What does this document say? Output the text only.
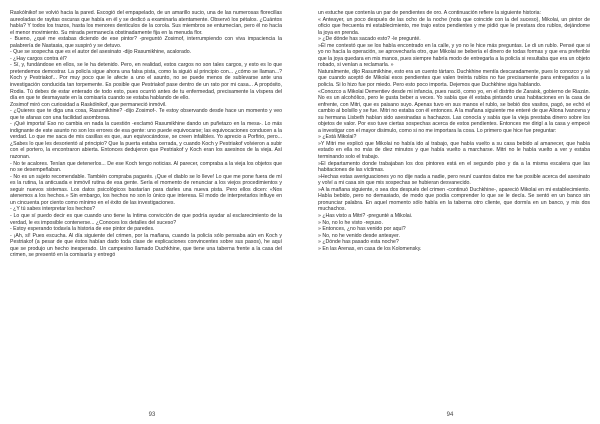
Raskólnikof se volvió hacia la pared. Escogió del empapelado, de un amarillo sucio, una de las numerosas florecillas aureoladas de rayitas oscuras que había en él y se dedicó a examinarla atentamente. Observó los pétalos. ¿Cuántos había? Y todos los trazos, hasta los menores denticulos de la corola. Sus miembros se entumecían, pero él no hacía el menor movimiento. Su mirada permanecía obstinadamente fija en la menuda flor.

- Bueno, ¿qué me estabas diciendo de ese pintor? -preguntó Zosimof, interrumpiendo con viva impaciencia la palabrería de Nastasia, que suspiró y se detuvo.

- Que se sospecha que es el autor del asesinato -dijo Rasumikhine, acalorado.

- ¿Hay cargos contra él?

- Sí, y, fundándose en ellos, se le ha detenido. Pero, en realidad, estos cargos no son tales cargos, y esto es lo que pretendemos demostrar. La policía sigue ahora una falsa pista, como la siguió al principio con... ¿cómo se llaman...? Koch y Pestriakof... Por muy poco que le afecte a uno el asunto, no se puede menos de sublevarse ante una investigación conducida tan torpemente. Es posible que Pestriakof pase dentro de un rato por mi casa... A propósito, Rodia. Tú debes de estar enterado de todo esto, pues ocurrió antes de tu enfermedad, precisamente la víspera del día en que te desmayaste en la comisaría cuando se estaba hablando de ello.

Zosimof miró con curiosidad a Raskólnikof, que permaneció inmóvil.

- ¿Quieres que te diga una cosa, Rasumikhine? -dijo Zosimof-. Te estoy observando desde hace un momento y veo que te afanas con una facilidad asombrosa.

- ¡Qué importa! Eso no cambia en nada la cuestión -exclamó Rasumikhine dando un puñetazo en la mesa-. Lo más indignante de este asunto no son los errores de esa gente: uno puede equivocarse; las equivocaciones conducen a la verdad. Lo que me saca de mis casillas es que, aun equivocándose, se creen infalibles. Yo aprecio a Porfirio, pero... ¿Sabes lo que les desorientó al principio? Que la puerta estaba cerrada, y cuando Koch y Pestriakof volvieron a subir con el portero, la encontraron abierta. Entonces dedujeron que Pestriakof y Koch eran los asesinos de la vieja. Así razonan.

- No te acalores. Tenían que detenerlos... De ese Koch tengo noticias. Al parecer, compraba a la vieja los objetos que no se desempeñaban.

- No es un sujeto recomendable. También compraba pagarés. ¡Que el diablo se lo lleve! Lo que me pone fuera de mí es la rutina, la anticuada e inmóvil rutina de esa gente. Sería el momento de renunciar a los viejos procedimientos y seguir nuevos sistemas. Los datos psicológicos bastarían para darles una nueva pista. Pero ellos dicen: «Nos atenemos a los hechos.» Sin embargo, los hechos no son lo único que interesa. El modo de interpretarlos influye en un cincuenta por ciento como mínimo en el éxito de las investigaciones.

- ¿Y tú sabes interpretar los hechos?

- Lo que sí puedo decir es que cuando uno tiene la íntima convicción de que podría ayudar al esclarecimiento de la verdad, le es imposible contenerse... ¿Conoces los detalles del suceso?

- Estoy esperando todavía la historia de ese pintor de paredes.

- ¡Ah, sí! Pues escucha. Al día siguiente del crimen, por la mañana, cuando la policía sólo pensaba aún en Koch y Pestriakof (a pesar de que éstos habían dado toda clase de explicaciones convincentes sobre sus pasos), he aquí que se produjo un hecho inesperado. Un campesino llamado Duchkhine, que tiene una taberna frente a la casa del crimen, se presentó en la comisaría y entregó

un estuche que contenía un par de pendientes de oro. A continuación refiere la siguiente historia:

« Anteayer, un poco después de las ocho de la noche (nota que coincide con la del suceso), Mikolai, un pintor de oficio que frecuenta mi establecimiento, me trajo estos pendientes y me pidió que le prestara dos rublos, dejándome la joya en prenda.

» ¿De dónde has sacado esto? -le pregunté.

»Él me contestó que se los había encontrado en la calle, y yo no le hice más preguntas. Le di un rublo. Pensé que si yo no hacía la operación, se aprovecharía otro, que Mikolai se bebería el dinero de todas formas y que era preferible que la joya quedara en mis manos, pues siempre habría modo de entregarla a la policía si resultaba que era un objeto robado, si venían a reclamarla. »

Naturalmente, dijo Rasumikhine, esto era un cuento tártaro. Duchkhine mentía descaradamente, pues lo conozco y sé que cuando aceptó de Mikolai esos pendientes que valen treinta rublos no fue precisamente para entregarlos a la policía. Si lo hizo fue por miedo. Pero esto poco importa. Dejemos que Duchkhine siga hablando.

«Conozco a Mikolai Dementiev desde mi infancia, pues nació, como yo, en el distrito de Zaraisk, gobierno de Riazán. No es un alcohólico, pero le gusta beber a veces. Yo sabía que él estaba pintando unas habitaciones en la casa de enfrente, con Mitri, que es paisano suyo. Apenas tuvo en sus manos el rublo, se bebió dos vasitos, pagó, se echó el cambio al bolsillo y se fue. Mitri no estaba con él entonces. A la mañana siguiente me enteré de que Aliona Ivanovna y su hermana Lisbeth habían sido asesinadas a hachazos. Las conocía y sabía que la vieja prestaba dinero sobre los objetos de valor. Por eso tuve ciertas sospechas acerca de estos pendientes. Entonces me dirigí a la casa y empecé a investigar con el mayor disimulo, como si no me importara la cosa. Lo primero que hice fue preguntar:

» ¿Está Mikolai?

»Y Mitri me explicó que Mikolai no había ido al trabajo, que había vuelto a su casa bebido al amanecer, que había estado en ella no más de diez minutos y que había vuelto a marcharse. Mitri no le había vuelto a ver y estaba terminando solo el trabajo.

»El departamento donde trabajaban los dos pintores está en el segundo piso y da a la misma escalera que las habitaciones de las víctimas.

»Hechas estas averiguaciones yo no dije nada a nadie, pero reuní cuantos datos me fue posible acerca del asesinato y volví a mi casa sin que mis sospechas se hubieran desvanecido.

»A la mañana siguiente, o sea dos después del crimen -continuó Duchkhine-, apareció Mikolai en mi establecimiento. Había bebido, pero no demasiado, de modo que podía comprender lo que se le decía. Se sentó en un banco sin pronunciar palabra. En aquel momento sólo había en la taberna otro cliente, que dormía en un banco, y mis dos muchachos.

» ¿Has visto a Mitri? -pregunté a Mikolai.

» No, no lo he visto -repuso.

» Entonces, ¿no has venido por aquí?

» No, no he venido desde anteayer.

» ¿Dónde has pasado esta noche?

» En las Arenas, en casa de los Kolomensky.

93	94
